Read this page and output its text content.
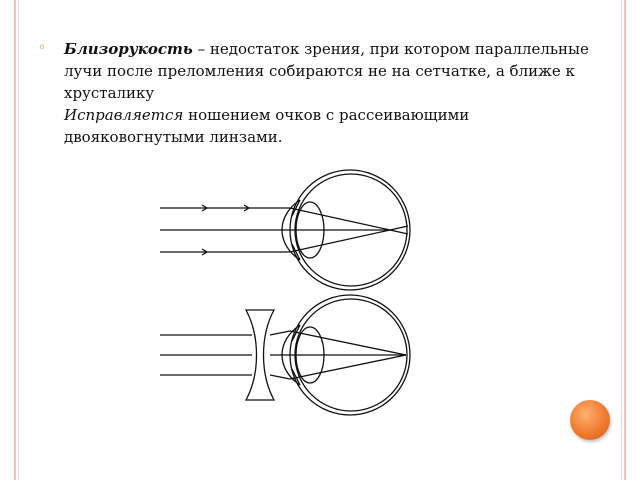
◦ Близорукость – недостаток зрения, при котором параллельные лучи после преломления собираются не на сетчатке, а ближе к хрусталику

Исправляется ношением очков с рассеивающими двояковогнутыми линзами.
